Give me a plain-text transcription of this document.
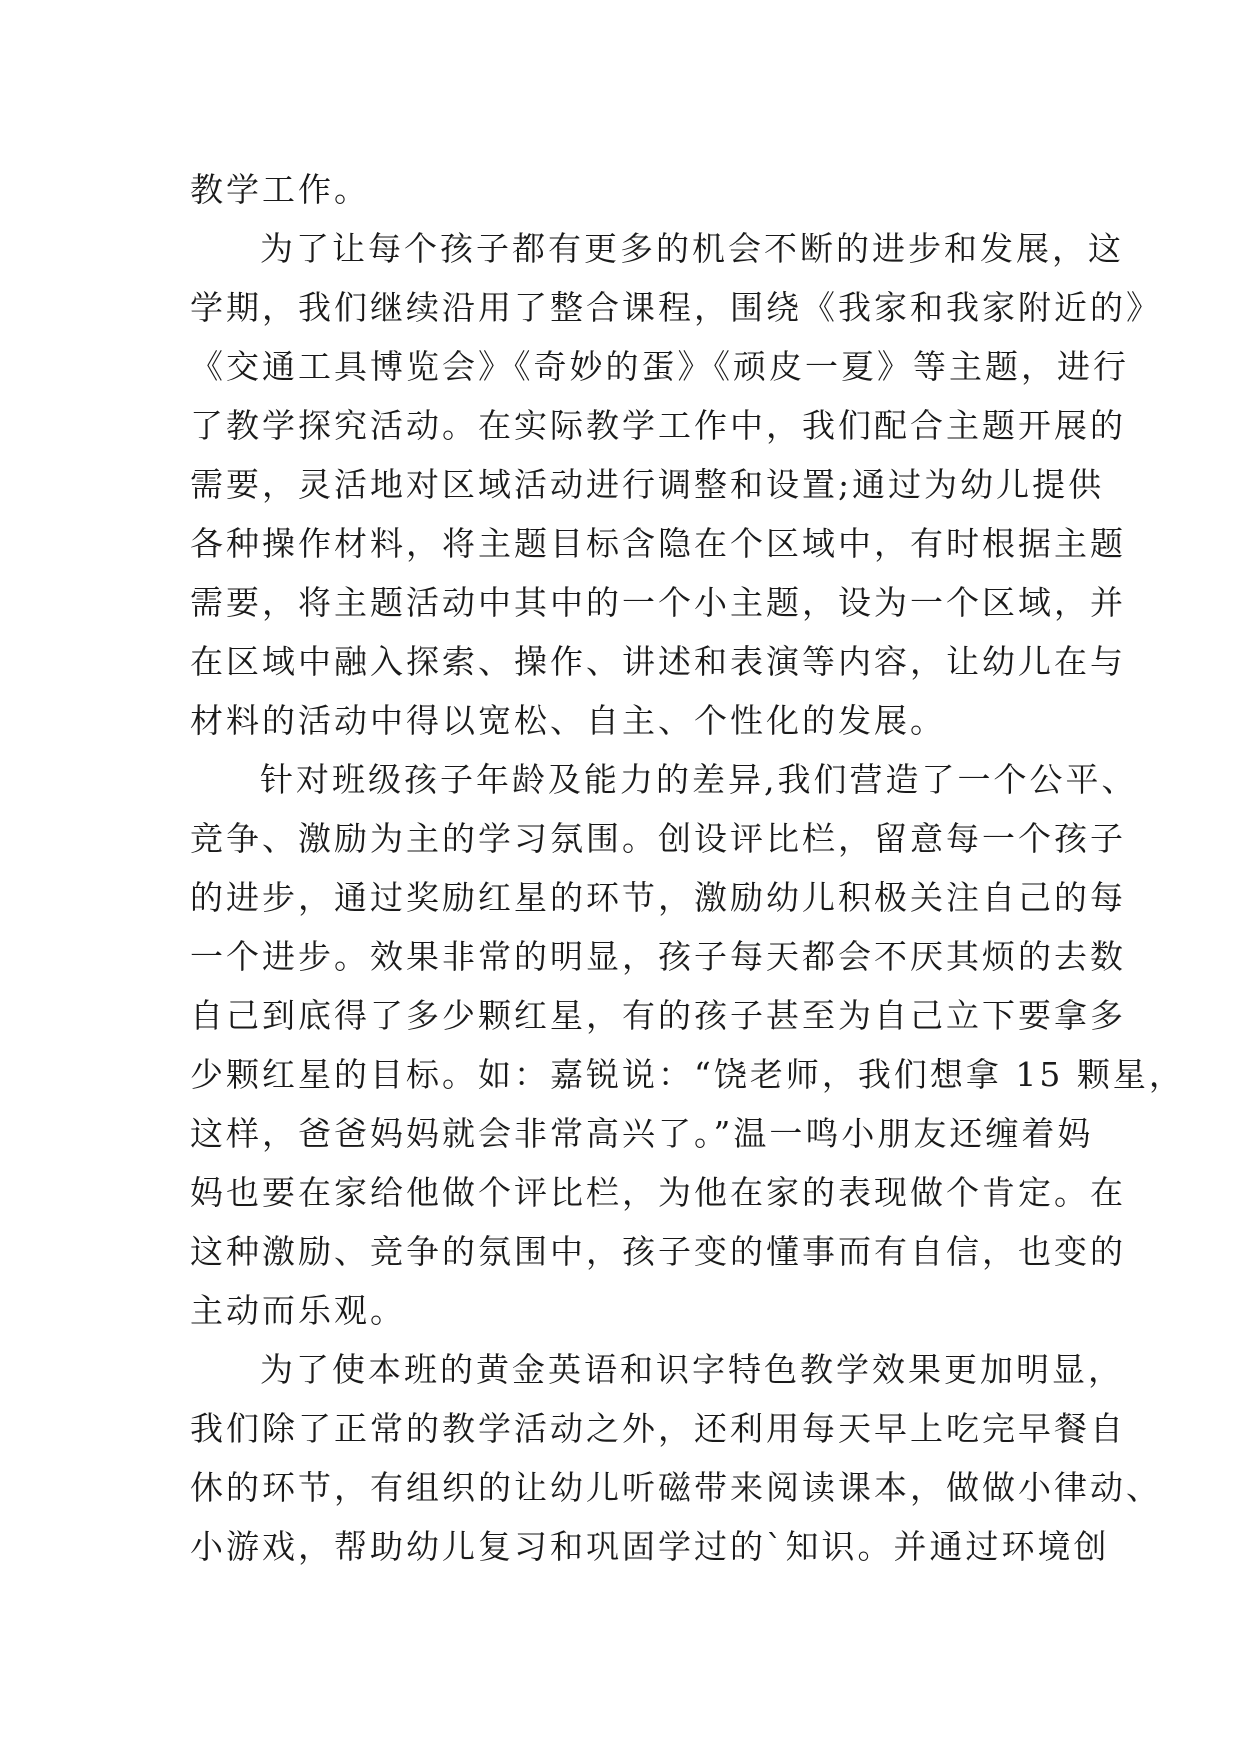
教学工作。
为了让每个孩子都有更多的机会不断的进步和发展，这
学期，我们继续沿用了整合课程，围绕《我家和我家附近的》
《交通工具博览会》《奇妙的蛋》《顽皮一夏》等主题，进行
了教学探究活动。在实际教学工作中，我们配合主题开展的
需要，灵活地对区域活动进行调整和设置;通过为幼儿提供
各种操作材料，将主题目标含隐在个区域中，有时根据主题
需要，将主题活动中其中的一个小主题，设为一个区域，并
在区域中融入探索、操作、讲述和表演等内容，让幼儿在与
材料的活动中得以宽松、自主、个性化的发展。
针对班级孩子年龄及能力的差异,我们营造了一个公平、
竞争、激励为主的学习氛围。创设评比栏，留意每一个孩子
的进步，通过奖励红星的环节，激励幼儿积极关注自己的每
一个进步。效果非常的明显，孩子每天都会不厌其烦的去数
自己到底得了多少颗红星，有的孩子甚至为自己立下要拿多
少颗红星的目标。如：嘉锐说：“饶老师，我们想拿 15 颗星，
这样，爸爸妈妈就会非常高兴了。”温一鸣小朋友还缠着妈
妈也要在家给他做个评比栏，为他在家的表现做个肯定。在
这种激励、竞争的氛围中，孩子变的懂事而有自信，也变的
主动而乐观。
为了使本班的黄金英语和识字特色教学效果更加明显，
我们除了正常的教学活动之外，还利用每天早上吃完早餐自
休的环节，有组织的让幼儿听磁带来阅读课本，做做小律动、
小游戏，帮助幼儿复习和巩固学过的`知识。并通过环境创
